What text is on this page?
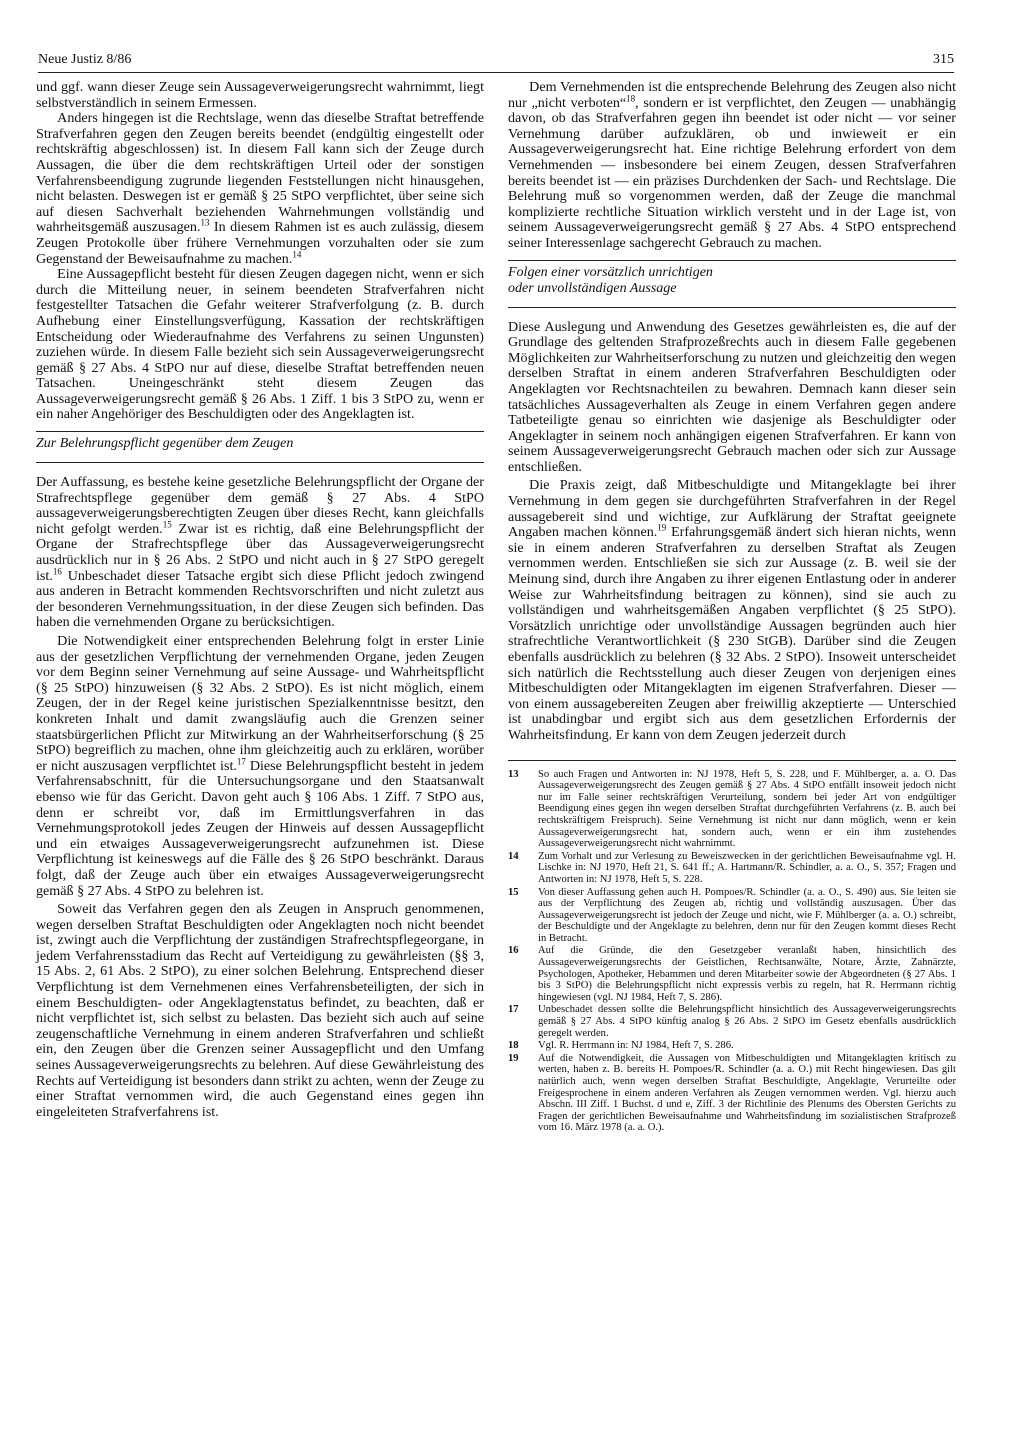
Neue Justiz 8/86	315

und ggf. wann dieser Zeuge sein Aussageverweigerungsrecht wahrnimmt, liegt selbstverständlich in seinem Ermessen.

Anders hingegen ist die Rechtslage, wenn das dieselbe Straftat betreffende Strafverfahren gegen den Zeugen bereits beendet (endgültig eingestellt oder rechtskräftig abgeschlossen) ist. In diesem Fall kann sich der Zeuge durch Aussagen, die über die dem rechtskräftigen Urteil oder der sonstigen Verfahrensbeendigung zugrunde liegenden Feststellungen nicht hinausgehen, nicht belasten. Deswegen ist er gemäß § 25 StPO verpflichtet, über seine sich auf diesen Sachverhalt beziehenden Wahrnehmungen vollständig und wahrheitsgemäß auszusagen.$^{13}$ In diesem Rahmen ist es auch zulässig, diesem Zeugen Protokolle über frühere Vernehmungen vorzuhalten oder sie zum Gegenstand der Beweisaufnahme zu machen.$^{14}$

Eine Aussagepflicht besteht für diesen Zeugen dagegen nicht, wenn er sich durch die Mitteilung neuer, in seinem beendeten Strafverfahren nicht festgestellter Tatsachen die Gefahr weiterer Strafverfolgung (z. B. durch Aufhebung einer Einstellungsverfügung, Kassation der rechtskräftigen Entscheidung oder Wiederaufnahme des Verfahrens zu seinen Ungunsten) zuziehen würde. In diesem Falle bezieht sich sein Aussageverweigerungsrecht gemäß § 27 Abs. 4 StPO nur auf diese, dieselbe Straftat betreffenden neuen Tatsachen. Uneingeschränkt steht diesem Zeugen das Aussageverweigerungsrecht gemäß § 26 Abs. 1 Ziff. 1 bis 3 StPO zu, wenn er ein naher Angehöriger des Beschuldigten oder des Angeklagten ist.

Zur Belehrungspflicht gegenüber dem Zeugen

Der Auffassung, es bestehe keine gesetzliche Belehrungspflicht der Organe der Strafrechtspflege gegenüber dem gemäß § 27 Abs. 4 StPO aussageverweigerungsberechtigten Zeugen über dieses Recht, kann gleichfalls nicht gefolgt werden.$^{15}$ Zwar ist es richtig, daß eine Belehrungspflicht der Organe der Strafrechtspflege über das Aussageverweigerungsrecht ausdrücklich nur in § 26 Abs. 2 StPO und nicht auch in § 27 StPO geregelt ist.$^{16}$ Unbeschadet dieser Tatsache ergibt sich diese Pflicht jedoch zwingend aus anderen in Betracht kommenden Rechtsvorschriften und nicht zuletzt aus der besonderen Vernehmungssituation, in der diese Zeugen sich befinden. Das haben die vernehmenden Organe zu berücksichtigen.

Die Notwendigkeit einer entsprechenden Belehrung folgt in erster Linie aus der gesetzlichen Verpflichtung der vernehmenden Organe, jeden Zeugen vor dem Beginn seiner Vernehmung auf seine Aussage- und Wahrheitspflicht (§ 25 StPO) hinzuweisen (§ 32 Abs. 2 StPO). Es ist nicht möglich, einem Zeugen, der in der Regel keine juristischen Spezialkenntnisse besitzt, den konkreten Inhalt und damit zwangsläufig auch die Grenzen seiner staatsbürgerlichen Pflicht zur Mitwirkung an der Wahrheitserforschung (§ 25 StPO) begreiflich zu machen, ohne ihm gleichzeitig auch zu erklären, worüber er nicht auszusagen verpflichtet ist.$^{17}$ Diese Belehrungspflicht besteht in jedem Verfahrensabschnitt, für die Untersuchungsorgane und den Staatsanwalt ebenso wie für das Gericht. Davon geht auch § 106 Abs. 1 Ziff. 7 StPO aus, denn er schreibt vor, daß im Ermittlungsverfahren in das Vernehmungsprotokoll jedes Zeugen der Hinweis auf dessen Aussagepflicht und ein etwaiges Aussageverweigerungsrecht aufzunehmen ist. Diese Verpflichtung ist keineswegs auf die Fälle des § 26 StPO beschränkt. Daraus folgt, daß der Zeuge auch über ein etwaiges Aussageverweigerungsrecht gemäß § 27 Abs. 4 StPO zu belehren ist.

Soweit das Verfahren gegen den als Zeugen in Anspruch genommenen, wegen derselben Straftat Beschuldigten oder Angeklagten noch nicht beendet ist, zwingt auch die Verpflichtung der zuständigen Strafrechtspflegeorgane, in jedem Verfahrensstadium das Recht auf Verteidigung zu gewährleisten (§§ 3, 15 Abs. 2, 61 Abs. 2 StPO), zu einer solchen Belehrung. Entsprechend dieser Verpflichtung ist dem Vernehmenen eines Verfahrensbeteiligten, der sich in einem Beschuldigten- oder Angeklagtenstatus befindet, zu beachten, daß er nicht verpflichtet ist, sich selbst zu belasten. Das bezieht sich auch auf seine zeugenschaftliche Vernehmung in einem anderen Strafverfahren und schließt ein, den Zeugen über die Grenzen seiner Aussagepflicht und den Umfang seines Aussageverweigerungsrechts zu belehren. Auf diese Gewährleistung des Rechts auf Verteidigung ist besonders dann strikt zu achten, wenn der Zeuge zu einer Straftat vernommen wird, die auch Gegenstand eines gegen ihn eingeleiteten Strafverfahrens ist.

Dem Vernehmenden ist die entsprechende Belehrung des Zeugen also nicht nur „nicht verboten“$^{18}$, sondern er ist verpflichtet, den Zeugen — unabhängig davon, ob das Strafverfahren gegen ihn beendet ist oder nicht — vor seiner Vernehmung darüber aufzuklären, ob und inwieweit er ein Aussageverweigerungsrecht hat. Eine richtige Belehrung erfordert von dem Vernehmenden — insbesondere bei einem Zeugen, dessen Strafverfahren bereits beendet ist — ein präzises Durchdenken der Sach- und Rechtslage. Die Belehrung muß so vorgenommen werden, daß der Zeuge die manchmal komplizierte rechtliche Situation wirklich versteht und in der Lage ist, von seinem Aussageverweigerungsrecht gemäß § 27 Abs. 4 StPO entsprechend seiner Interessenlage sachgerecht Gebrauch zu machen.

Folgen einer vorsätzlich unrichtigen
oder unvollständigen Aussage

Diese Auslegung und Anwendung des Gesetzes gewährleisten es, die auf der Grundlage des geltenden Strafprozeßrechts auch in diesem Falle gegebenen Möglichkeiten zur Wahrheitserforschung zu nutzen und gleichzeitig den wegen derselben Straftat in einem anderen Strafverfahren Beschuldigten oder Angeklagten vor Rechtsnachteilen zu bewahren. Demnach kann dieser sein tatsächliches Aussageverhalten als Zeuge in einem Verfahren gegen andere Tatbeteiligte genau so einrichten wie dasjenige als Beschuldigter oder Angeklagter in seinem noch anhängigen eigenen Strafverfahren. Er kann von seinem Aussageverweigerungsrecht Gebrauch machen oder sich zur Aussage entschließen.

Die Praxis zeigt, daß Mitbeschuldigte und Mitangeklagte bei ihrer Vernehmung in dem gegen sie durchgeführten Strafverfahren in der Regel aussagebereit sind und wichtige, zur Aufklärung der Straftat geeignete Angaben machen können.$^{19}$ Erfahrungsgemäß ändert sich hieran nichts, wenn sie in einem anderen Strafverfahren zu derselben Straftat als Zeugen vernommen werden. Entschließen sie sich zur Aussage (z. B. weil sie der Meinung sind, durch ihre Angaben zu ihrer eigenen Entlastung oder in anderer Weise zur Wahrheitsfindung beitragen zu können), sind sie auch zu vollständigen und wahrheitsgemäßen Angaben verpflichtet (§ 25 StPO). Vorsätzlich unrichtige oder unvollständige Aussagen begründen auch hier strafrechtliche Verantwortlichkeit (§ 230 StGB). Darüber sind die Zeugen ebenfalls ausdrücklich zu belehren (§ 32 Abs. 2 StPO). Insoweit unterscheidet sich natürlich die Rechtsstellung auch dieser Zeugen von derjenigen eines Mitbeschuldigten oder Mitangeklagten im eigenen Strafverfahren. Dieser — von einem aussagebereiten Zeugen aber freiwillig akzeptierte — Unterschied ist unabdingbar und ergibt sich aus dem gesetzlichen Erfordernis der Wahrheitsfindung. Er kann von dem Zeugen jederzeit durch

13	So auch Fragen und Antworten in: NJ 1978, Heft 5, S. 228, und F. Mühlberger, a. a. O. Das Aussageverweigerungsrecht des Zeugen gemäß § 27 Abs. 4 StPO entfällt insoweit jedoch nicht nur im Falle seiner rechtskräftigen Verurteilung, sondern bei jeder Art von endgültiger Beendigung eines gegen ihn wegen derselben Straftat durchgeführten Verfahrens (z. B. auch bei rechtskräftigem Freispruch). Seine Vernehmung ist nicht nur dann möglich, wenn er kein Aussageverweigerungsrecht hat, sondern auch, wenn er ein ihm zustehendes Aussageverweigerungsrecht nicht wahrnimmt.
14	Zum Vorhalt und zur Verlesung zu Beweiszwecken in der gerichtlichen Beweisaufnahme vgl. H. Lischke in: NJ 1970, Heft 21, S. 641 ff.; A. Hartmann/R. Schindler, a. a. O., S. 357; Fragen und Antworten in: NJ 1978, Heft 5, S. 228.
15	Von dieser Auffassung gehen auch H. Pompoes/R. Schindler (a. a. O., S. 490) aus. Sie leiten sie aus der Verpflichtung des Zeugen ab, richtig und vollständig auszusagen. Über das Aussageverweigerungsrecht ist jedoch der Zeuge und nicht, wie F. Mühlberger (a. a. O.) schreibt, der Beschuldigte und der Angeklagte zu belehren, denn nur für den Zeugen kommt dieses Recht in Betracht.
16	Auf die Gründe, die den Gesetzgeber veranlaßt haben, hinsichtlich des Aussageverweigerungsrechts der Geistlichen, Rechtsanwälte, Notare, Ärzte, Zahnärzte, Psychologen, Apotheker, Hebammen und deren Mitarbeiter sowie der Abgeordneten (§ 27 Abs. 1 bis 3 StPO) die Belehrungspflicht nicht expressis verbis zu regeln, hat R. Herrmann richtig hingewiesen (vgl. NJ 1984, Heft 7, S. 286).
17	Unbeschadet dessen sollte die Belehrungspflicht hinsichtlich des Aussageverweigerungsrechts gemäß § 27 Abs. 4 StPO künftig analog § 26 Abs. 2 StPO im Gesetz ebenfalls ausdrücklich geregelt werden.
18	Vgl. R. Herrmann in: NJ 1984, Heft 7, S. 286.
19	Auf die Notwendigkeit, die Aussagen von Mitbeschuldigten und Mitangeklagten kritisch zu werten, haben z. B. bereits H. Pompoes/R. Schindler (a. a. O.) mit Recht hingewiesen. Das gilt natürlich auch, wenn wegen derselben Straftat Beschuldigte, Angeklagte, Verurteilte oder Freigesprochene in einem anderen Verfahren als Zeugen vernommen werden. Vgl. hierzu auch Abschn. III Ziff. 1 Buchst. d und e, Ziff. 3 der Richtlinie des Plenums des Obersten Gerichts zu Fragen der gerichtlichen Beweisaufnahme und Wahrheitsfindung im sozialistischen Strafprozeß vom 16. März 1978 (a. a. O.).
